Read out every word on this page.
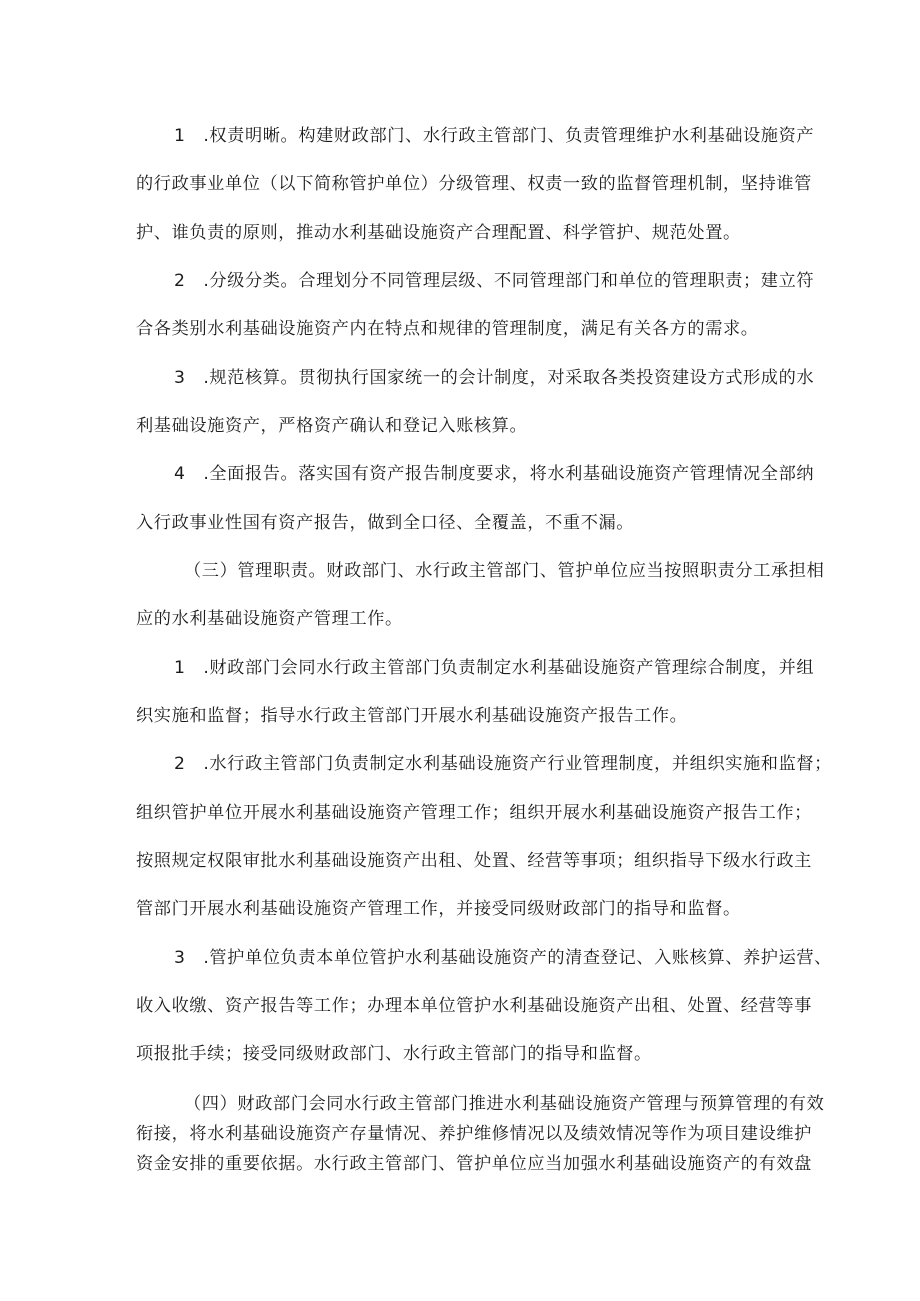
1　.权责明晰。构建财政部门、水行政主管部门、负责管理维护水利基础设施资产
的行政事业单位（以下简称管护单位）分级管理、权责一致的监督管理机制，坚持谁管
护、谁负责的原则，推动水利基础设施资产合理配置、科学管护、规范处置。
2　.分级分类。合理划分不同管理层级、不同管理部门和单位的管理职责；建立符
合各类别水利基础设施资产内在特点和规律的管理制度，满足有关各方的需求。
3　.规范核算。贯彻执行国家统一的会计制度，对采取各类投资建设方式形成的水
利基础设施资产，严格资产确认和登记入账核算。
4　.全面报告。落实国有资产报告制度要求，将水利基础设施资产管理情况全部纳
入行政事业性国有资产报告，做到全口径、全覆盖，不重不漏。
（三）管理职责。财政部门、水行政主管部门、管护单位应当按照职责分工承担相
应的水利基础设施资产管理工作。
1　.财政部门会同水行政主管部门负责制定水利基础设施资产管理综合制度，并组
织实施和监督；指导水行政主管部门开展水利基础设施资产报告工作。
2　.水行政主管部门负责制定水利基础设施资产行业管理制度，并组织实施和监督；
组织管护单位开展水利基础设施资产管理工作；组织开展水利基础设施资产报告工作；
按照规定权限审批水利基础设施资产出租、处置、经营等事项；组织指导下级水行政主
管部门开展水利基础设施资产管理工作，并接受同级财政部门的指导和监督。
3　.管护单位负责本单位管护水利基础设施资产的清查登记、入账核算、养护运营、
收入收缴、资产报告等工作；办理本单位管护水利基础设施资产出租、处置、经营等事
项报批手续；接受同级财政部门、水行政主管部门的指导和监督。
（四）财政部门会同水行政主管部门推进水利基础设施资产管理与预算管理的有效
衔接，将水利基础设施资产存量情况、养护维修情况以及绩效情况等作为项目建设维护
资金安排的重要依据。水行政主管部门、管护单位应当加强水利基础设施资产的有效盘
